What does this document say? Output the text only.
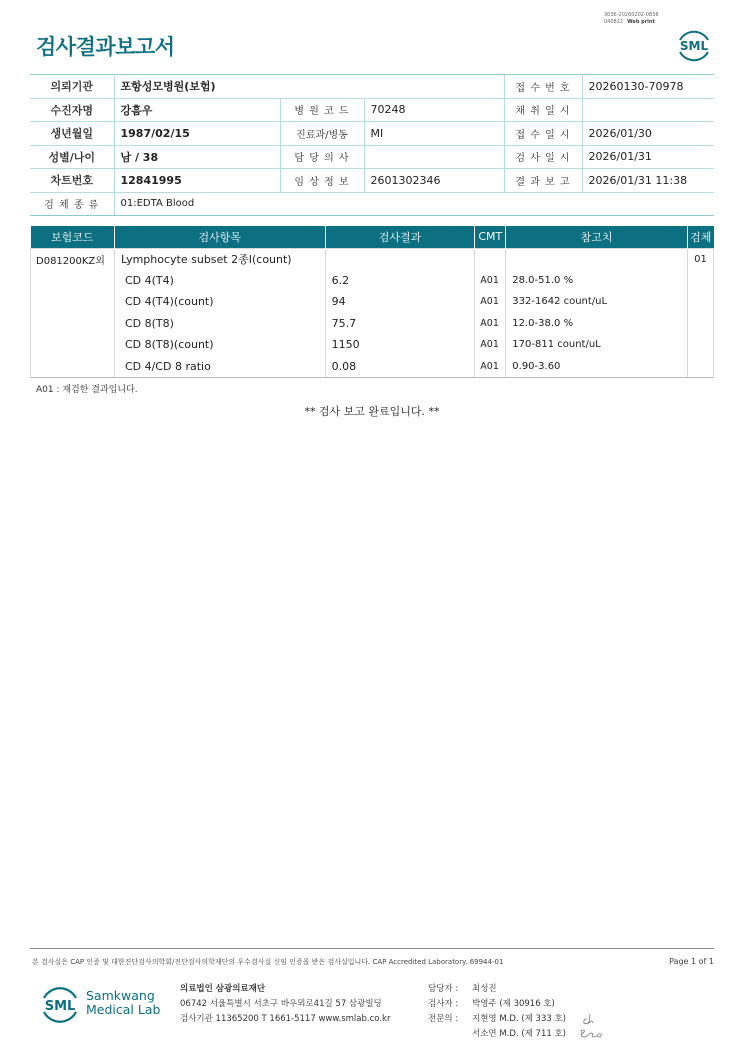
3036-20260202-0838
040822 Web print
검사결과보고서	SML
의뢰기관	포항성모병원(보험)			접 수 번 호	20260130-70978
수진자명	강흠우	병 원 코 드	70248	채 취 일 시	
생년월일	1987/02/15	진료과/병동	MI	접 수 일 시	2026/01/30
성별/나이	남 / 38	담 당 의 사		검 사 일 시	2026/01/31
차트번호	12841995	임 상 정 보	2601302346	결 과 보 고	2026/01/31 11:38
검 체 종 류	01:EDTA Blood				
보험코드	검사항목	검사결과	CMT	참고치	검체
D081200KZ외	Lymphocyte subset 2종I(count)				01
	CD 4(T4)	6.2	A01	28.0-51.0 %	
	CD 4(T4)(count)	94	A01	332-1642 count/uL	
	CD 8(T8)	75.7	A01	12.0-38.0 %	
	CD 8(T8)(count)	1150	A01	170-811 count/uL	
	CD 4/CD 8 ratio	0.08	A01	0.90-3.60	
A01 : 재검한 결과입니다.
** 검사 보고 완료입니다. **
본 검사실은 CAP 인증 및 대한진단검사의학회/진단검사의학재단의 우수검사실 신임 인증을 받은 검사실입니다. CAP Accredited Laboratory. 69944-01	Page 1 of 1
SML
Samkwang
Medical Lab
의료법인 삼광의료재단
06742 서울특별시 서초구 바우뫼로41길 57 삼광빌딩
검사기관 11365200 T 1661-5117 www.smlab.co.kr
담당자 :	최성진
검사자 :	박영주 (제 30916 호)
전문의 :	지현영 M.D. (제 333 호)
서소연 M.D. (제 711 호)
